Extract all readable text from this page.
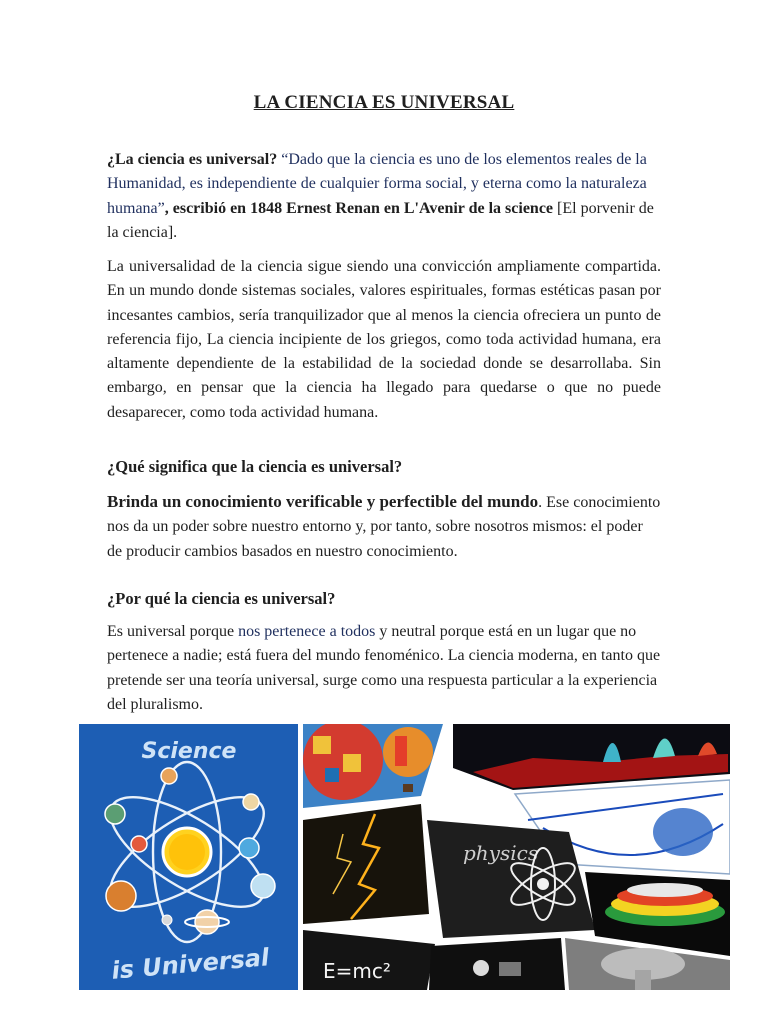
LA CIENCIA ES UNIVERSAL
¿La ciencia es universal? “Dado que la ciencia es uno de los elementos reales de la Humanidad, es independiente de cualquier forma social, y eterna como la naturaleza humana”, escribió en 1848 Ernest Renan en L'Avenir de la science [El porvenir de la ciencia].
La universalidad de la ciencia sigue siendo una convicción ampliamente compartida. En un mundo donde sistemas sociales, valores espirituales, formas estéticas pasan por incesantes cambios, sería tranquilizador que al menos la ciencia ofreciera un punto de referencia fijo, La ciencia incipiente de los griegos, como toda actividad humana, era altamente dependiente de la estabilidad de la sociedad donde se desarrollaba. Sin embargo, en pensar que la ciencia ha llegado para quedarse o que no puede desaparecer, como toda actividad humana.
¿Qué significa que la ciencia es universal?
Brinda un conocimiento verificable y perfectible del mundo. Ese conocimiento nos da un poder sobre nuestro entorno y, por tanto, sobre nosotros mismos: el poder de producir cambios basados en nuestro conocimiento.
¿Por qué la ciencia es universal?
Es universal porque nos pertenece a todos y neutral porque está en un lugar que no pertenece a nadie; está fuera del mundo fenoménico. La ciencia moderna, en tanto que pretende ser una teoría universal, surge como una respuesta particular a la experiencia del pluralismo.
Science
is Universal
physics
E=mc²
